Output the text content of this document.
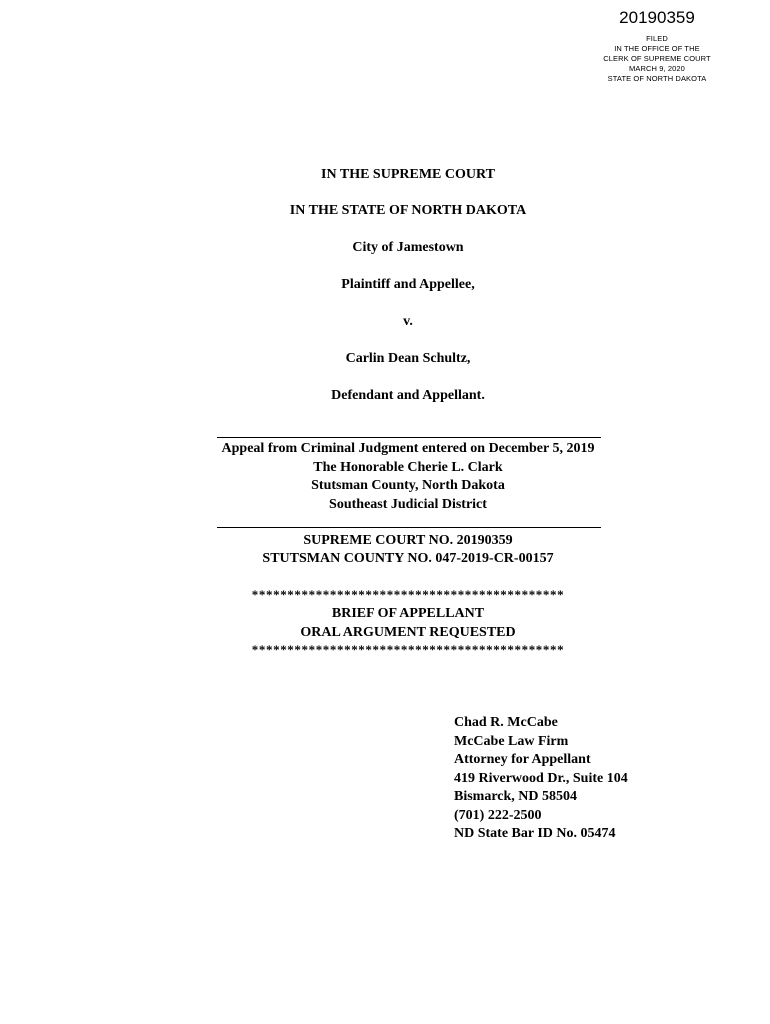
20190359
FILED
IN THE OFFICE OF THE
CLERK OF SUPREME COURT
MARCH 9, 2020
STATE OF NORTH DAKOTA
IN THE SUPREME COURT
IN THE STATE OF NORTH DAKOTA
City of Jamestown
Plaintiff and Appellee,
v.
Carlin Dean Schultz,
Defendant and Appellant.
Appeal from Criminal Judgment entered on December 5, 2019
The Honorable Cherie L. Clark
Stutsman County, North Dakota
Southeast Judicial District
SUPREME COURT NO. 20190359
STUTSMAN COUNTY NO. 047-2019-CR-00157
********************************************
BRIEF OF APPELLANT
ORAL ARGUMENT REQUESTED
********************************************
Chad R. McCabe
McCabe Law Firm
Attorney for Appellant
419 Riverwood Dr., Suite 104
Bismarck, ND 58504
(701) 222-2500
ND State Bar ID No. 05474
